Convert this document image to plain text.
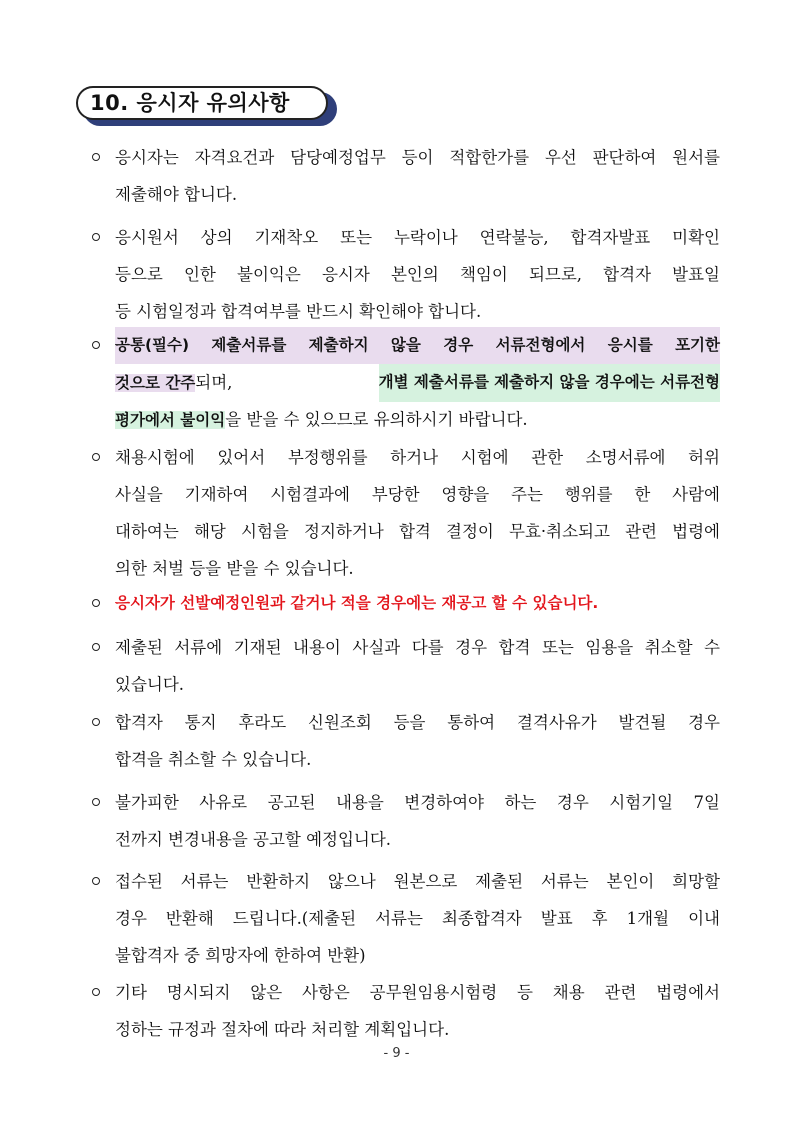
10. 응시자 유의사항
응시자는 자격요건과 담당예정업무 등이 적합한가를 우선 판단하여 원서를
제출해야 합니다.
응시원서 상의 기재착오 또는 누락이나 연락불능, 합격자발표 미확인
등으로 인한 불이익은 응시자 본인의 책임이 되므로, 합격자 발표일
등 시험일정과 합격여부를 반드시 확인해야 합니다.
공통(필수) 제출서류를 제출하지 않을 경우 서류전형에서 응시를 포기한
것으로 간주되며,	개별 제출서류를 제출하지 않을 경우에는 서류전형
평가에서 불이익을 받을 수 있으므로 유의하시기 바랍니다.
채용시험에 있어서 부정행위를 하거나 시험에 관한 소명서류에 허위
사실을 기재하여 시험결과에 부당한 영향을 주는 행위를 한 사람에
대하여는 해당 시험을 정지하거나 합격 결정이 무효·취소되고 관련 법령에
의한 처벌 등을 받을 수 있습니다.
응시자가 선발예정인원과 같거나 적을 경우에는 재공고 할 수 있습니다.
제출된 서류에 기재된 내용이 사실과 다를 경우 합격 또는 임용을 취소할 수
있습니다.
합격자 통지 후라도 신원조회 등을 통하여 결격사유가 발견될 경우
합격을 취소할 수 있습니다.
불가피한 사유로 공고된 내용을 변경하여야 하는 경우 시험기일 7일
전까지 변경내용을 공고할 예정입니다.
접수된 서류는 반환하지 않으나 원본으로 제출된 서류는 본인이 희망할
경우 반환해 드립니다.(제출된 서류는 최종합격자 발표 후 1개월 이내
불합격자 중 희망자에 한하여 반환)
기타 명시되지 않은 사항은 공무원임용시험령 등 채용 관련 법령에서
정하는 규정과 절차에 따라 처리할 계획입니다.
- 9 -
